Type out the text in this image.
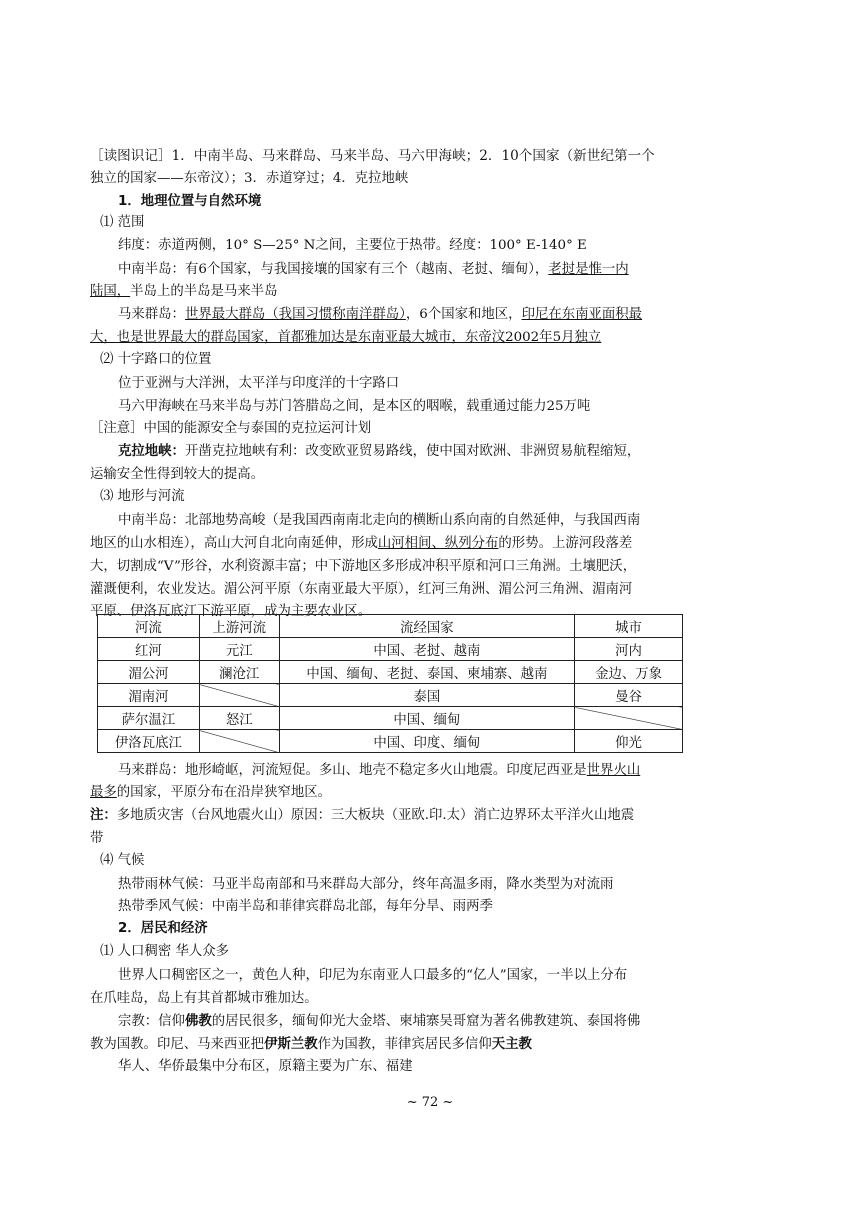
［读图识记］1．中南半岛、马来群岛、马来半岛、马六甲海峡；2．10个国家（新世纪第一个
独立的国家——东帝汶）；3．赤道穿过；4．克拉地峡
1．地理位置与自然环境
⑴ 范围
纬度：赤道两侧，10° S—25° N之间，主要位于热带。经度：100° E-140° E
中南半岛：有6个国家，与我国接壤的国家有三个（越南、老挝、缅甸），老挝是惟一内
陆国，半岛上的半岛是马来半岛
马来群岛：世界最大群岛（我国习惯称南洋群岛），6个国家和地区，印尼在东南亚面积最
大，也是世界最大的群岛国家，首都雅加达是东南亚最大城市，东帝汶2002年5月独立
⑵ 十字路口的位置
位于亚洲与大洋洲，太平洋与印度洋的十字路口
马六甲海峡在马来半岛与苏门答腊岛之间，是本区的咽喉，载重通过能力25万吨
［注意］中国的能源安全与泰国的克拉运河计划
克拉地峡：开凿克拉地峡有利：改变欧亚贸易路线，使中国对欧洲、非洲贸易航程缩短，
运输安全性得到较大的提高。
⑶ 地形与河流
中南半岛：北部地势高峻（是我国西南南北走向的横断山系向南的自然延伸，与我国西南
地区的山水相连），高山大河自北向南延伸，形成山河相间、纵列分布的形势。上游河段落差
大，切割成“V”形谷，水利资源丰富；中下游地区多形成冲积平原和河口三角洲。土壤肥沃，
灌溉便利，农业发达。湄公河平原（东南亚最大平原），红河三角洲、湄公河三角洲、湄南河
平原、伊洛瓦底江下游平原，成为主要农业区。
河流	上游河流	流经国家	城市
红河	元江	中国、老挝、越南	河内
湄公河	澜沧江	中国、缅甸、老挝、泰国、柬埔寨、越南	金边、万象
湄南河		泰国	曼谷
萨尔温江	怒江	中国、缅甸	
伊洛瓦底江		中国、印度、缅甸	仰光
马来群岛：地形崎岖，河流短促。多山、地壳不稳定多火山地震。印度尼西亚是世界火山
最多的国家，平原分布在沿岸狭窄地区。
注：多地质灾害（台风地震火山）原因：三大板块（亚欧.印.太）消亡边界环太平洋火山地震
带
⑷ 气候
热带雨林气候：马亚半岛南部和马来群岛大部分，终年高温多雨，降水类型为对流雨
热带季风气候：中南半岛和菲律宾群岛北部，每年分旱、雨两季
2．居民和经济
⑴ 人口稠密 华人众多
世界人口稠密区之一，黄色人种，印尼为东南亚人口最多的“亿人”国家，一半以上分布
在爪哇岛，岛上有其首都城市雅加达。
宗教：信仰佛教的居民很多，缅甸仰光大金塔、柬埔寨吴哥窟为著名佛教建筑、泰国将佛
教为国教。印尼、马来西亚把伊斯兰教作为国教，菲律宾居民多信仰天主教
华人、华侨最集中分布区，原籍主要为广东、福建
~ 72 ~
